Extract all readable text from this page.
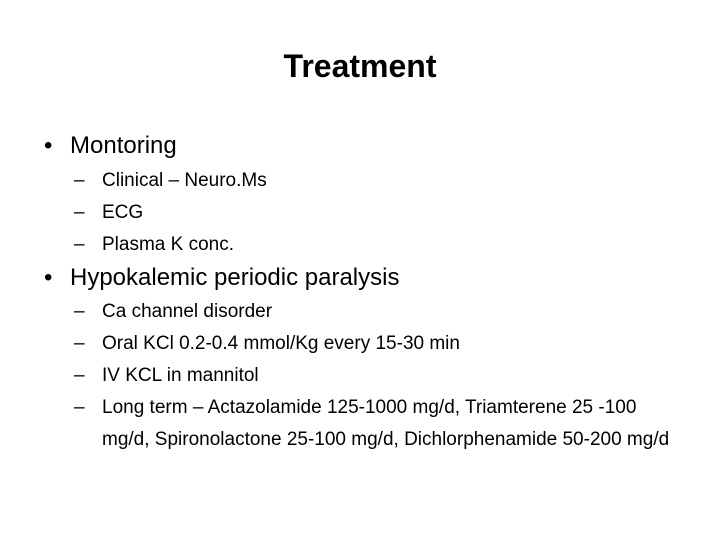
Treatment
• Montoring
– Clinical – Neuro.Ms
– ECG
– Plasma K conc.
• Hypokalemic periodic paralysis
– Ca channel disorder
– Oral KCl 0.2-0.4 mmol/Kg every 15-30 min
– IV KCL in mannitol
– Long term – Actazolamide 125-1000 mg/d, Triamterene 25 -100 mg/d, Spironolactone 25-100 mg/d, Dichlorphenamide 50-200 mg/d
